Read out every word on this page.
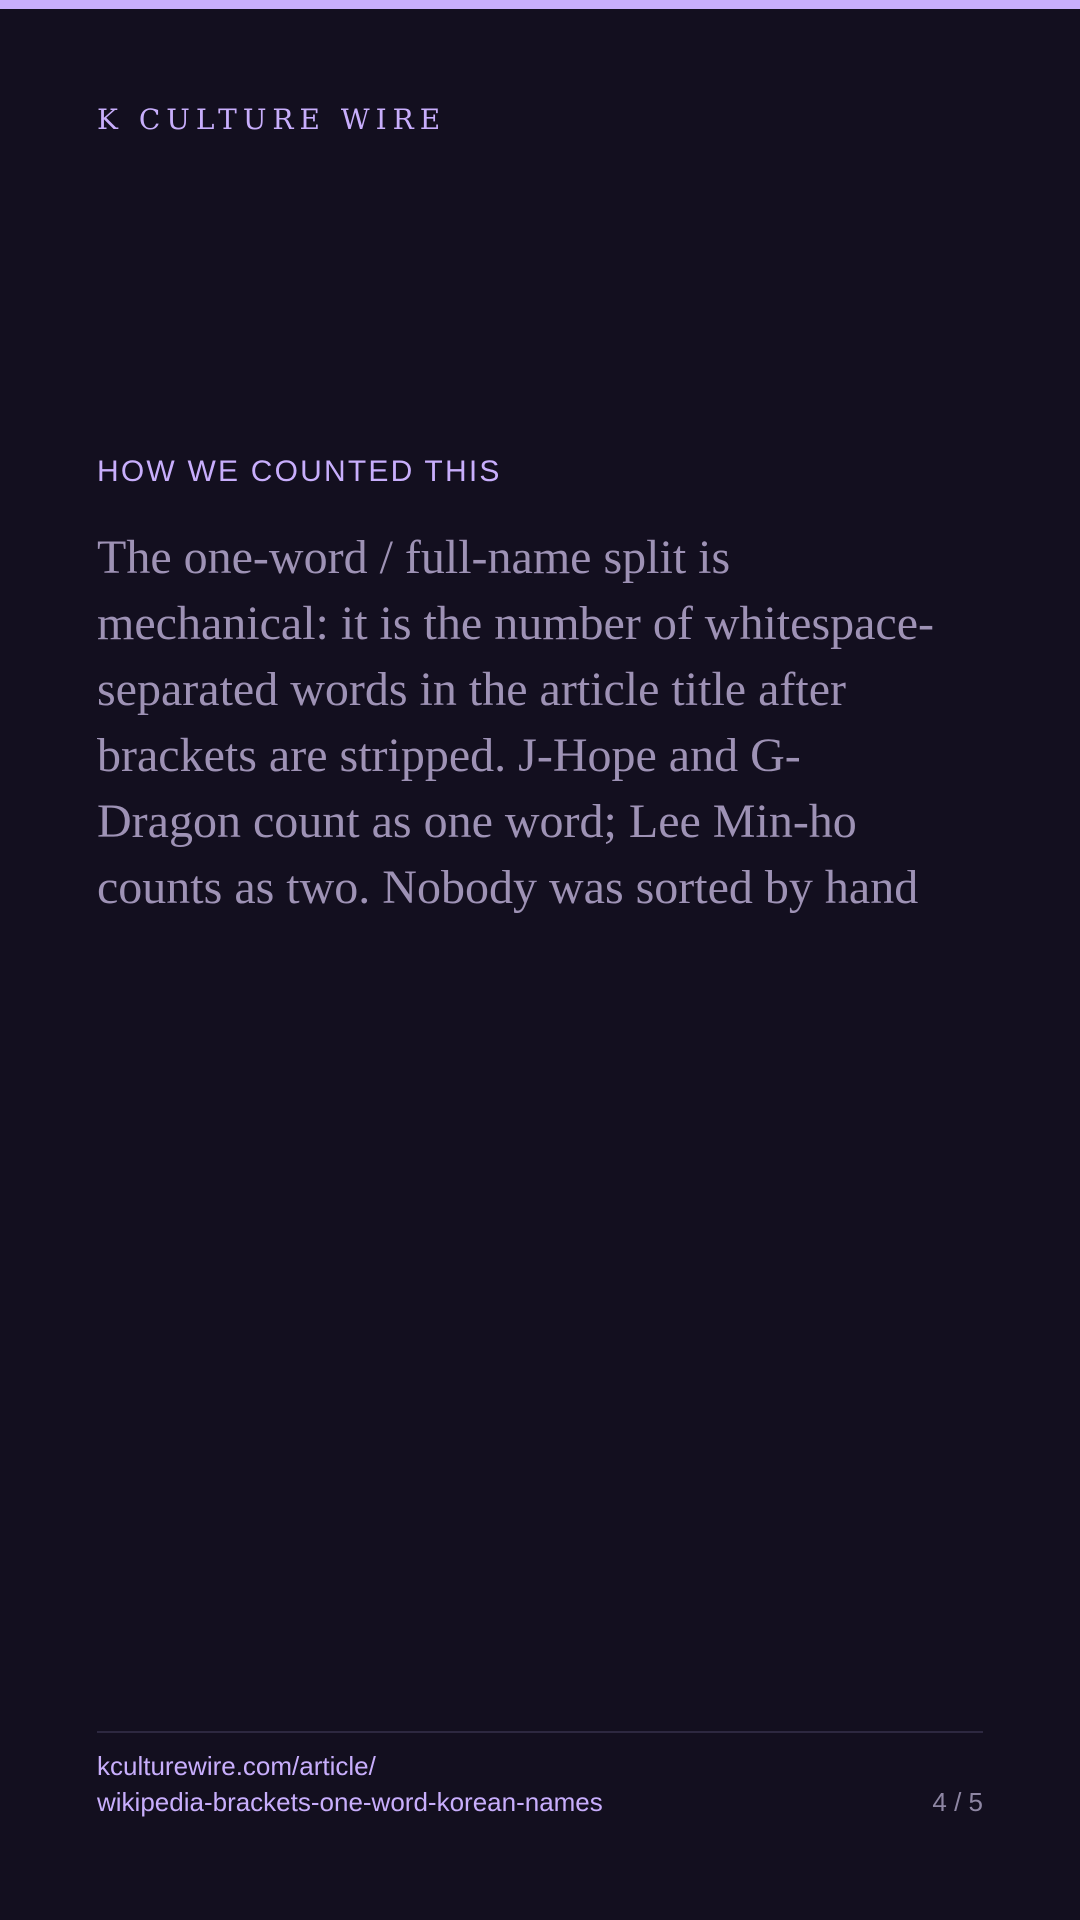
K CULTURE WIRE
HOW WE COUNTED THIS

The one-word / full-name split is mechanical: it is the number of whitespace-separated words in the article title after brackets are stripped. J-Hope and G-Dragon count as one word; Lee Min-ho counts as two. Nobody was sorted by hand

kculturewire.com/article/
wikipedia-brackets-one-word-korean-names	4 / 5
